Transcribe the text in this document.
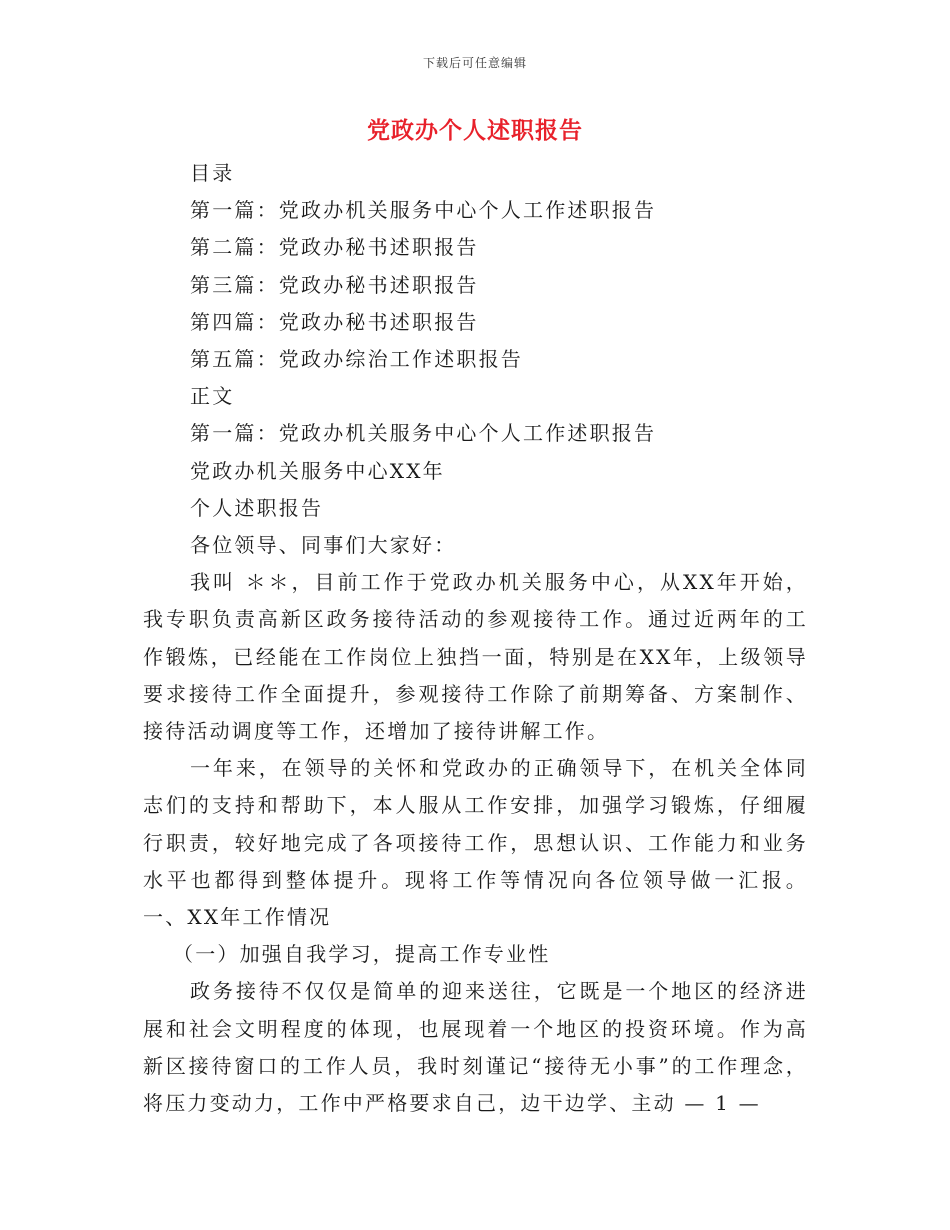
下载后可任意编辑
党政办个人述职报告

目录

第一篇：党政办机关服务中心个人工作述职报告

第二篇：党政办秘书述职报告

第三篇：党政办秘书述职报告

第四篇：党政办秘书述职报告

第五篇：党政办综治工作述职报告

正文

第一篇：党政办机关服务中心个人工作述职报告

党政办机关服务中心XX年

个人述职报告

各位领导、同事们大家好：

我叫 ＊＊，目前工作于党政办机关服务中心，从XX年开始，我专职负责高新区政务接待活动的参观接待工作。通过近两年的工作锻炼，已经能在工作岗位上独挡一面，特别是在XX年，上级领导要求接待工作全面提升，参观接待工作除了前期筹备、方案制作、接待活动调度等工作，还增加了接待讲解工作。

一年来，在领导的关怀和党政办的正确领导下，在机关全体同志们的支持和帮助下，本人服从工作安排，加强学习锻炼，仔细履行职责，较好地完成了各项接待工作，思想认识、工作能力和业务水平也都得到整体提升。现将工作等情况向各位领导做一汇报。 一、XX年工作情况

（一）加强自我学习，提高工作专业性

政务接待不仅仅是简单的迎来送往，它既是一个地区的经济进展和社会文明程度的体现，也展现着一个地区的投资环境。作为高新区接待窗口的工作人员，我时刻谨记“接待无小事”的工作理念，将压力变动力，工作中严格要求自己，边干边学、主动 — 1 —
